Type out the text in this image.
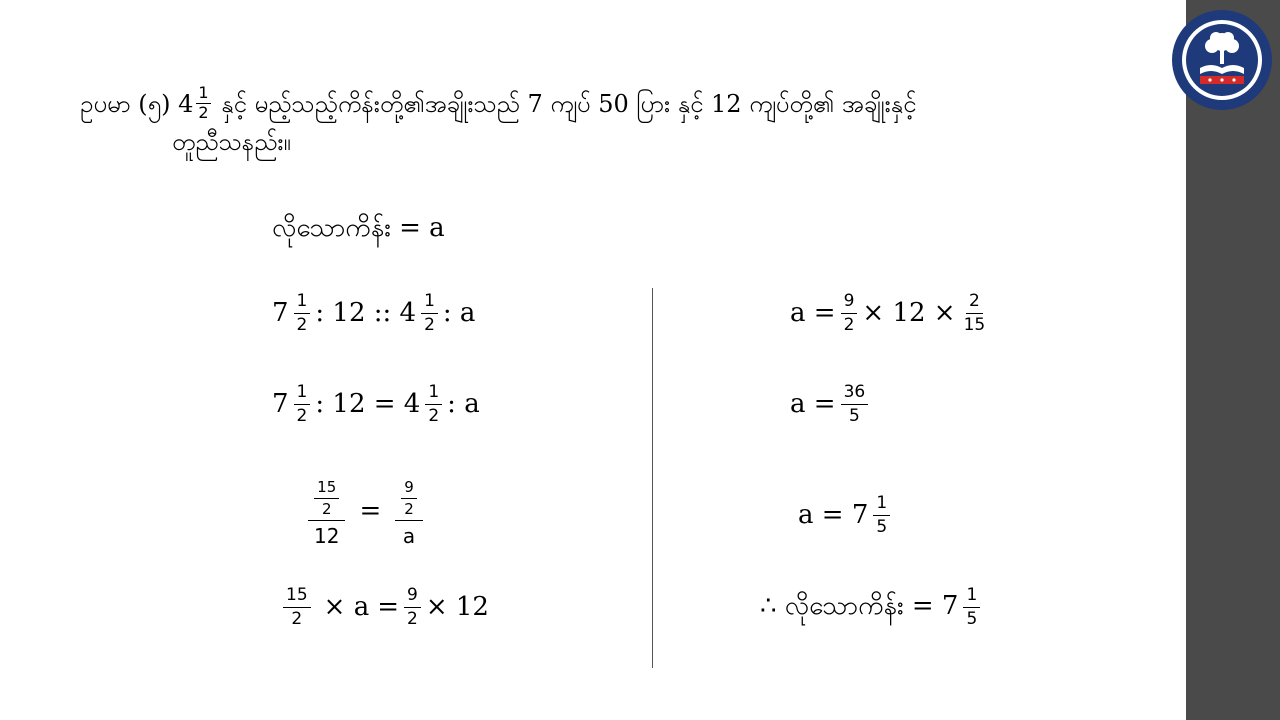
ဥပမာ (၅) $4 \frac{1}{2}$ နှင့် မည့်သည့်ကိန်းတို့၏အချိုးသည် 7 ကျပ် 50 ပြား နှင့် 12 ကျပ်တို့၏ အချိုးနှင့်
တူညီသနည်း။
လိုသောကိန်း = a
7 1
2 : 12 :: 4 1
2 : a
7 1
2 : 12 = 4 1
2 : a
$\frac{\frac{15}{2}}{12} = \frac{\frac{9}{2}}{a}$
15
$2 \times a = \frac{9}{2} \times 12$
$a = \frac{9}{2} \times 12 \times \frac{2}{15}$
$a = \frac{36}{5}$
a = 7 1
5
∴ လိုသောကိန်း = 7 1
5
